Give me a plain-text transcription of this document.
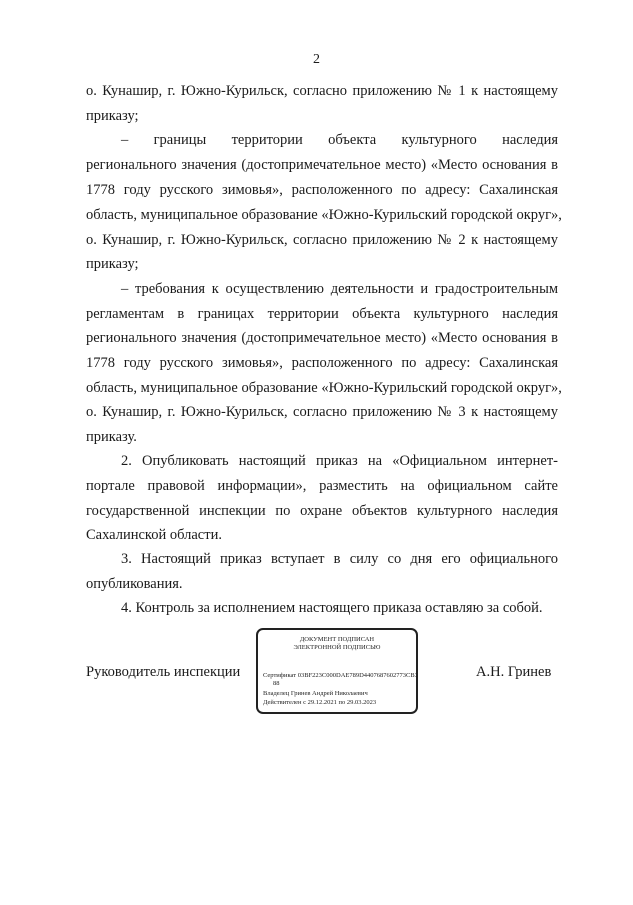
2
о. Кунашир, г. Южно-Курильск, согласно приложению № 1 к настоящему
приказу;
– границы территории объекта культурного наследия
регионального значения (достопримечательное место) «Место основания в
1778 году русского зимовья», расположенного по адресу: Сахалинская
область, муниципальное образование «Южно-Курильский городской округ»,
о. Кунашир, г. Южно-Курильск, согласно приложению № 2 к настоящему
приказу;
– требования к осуществлению деятельности и градостроительным
регламентам в границах территории объекта культурного наследия
регионального значения (достопримечательное место) «Место основания в
1778 году русского зимовья», расположенного по адресу: Сахалинская
область, муниципальное образование «Южно-Курильский городской округ»,
о. Кунашир, г. Южно-Курильск, согласно приложению № 3 к настоящему
приказу.
2. Опубликовать настоящий приказ на «Официальном интернет-
портале правовой информации», разместить на официальном сайте
государственной инспекции по охране объектов культурного наследия
Сахалинской области.
3. Настоящий приказ вступает в силу со дня его официального
опубликования.
4. Контроль за исполнением настоящего приказа оставляю за собой.
Руководитель инспекции
ДОКУМЕНТ ПОДПИСАН
ЭЛЕКТРОННОЙ ПОДПИСЬЮ
Сертификат 03BF223C000DAE789D4407687602773CB3
88
Владелец Гринев Андрей Николаевич
Действителен с 29.12.2021 по 29.03.2023
А.Н. Гринев
